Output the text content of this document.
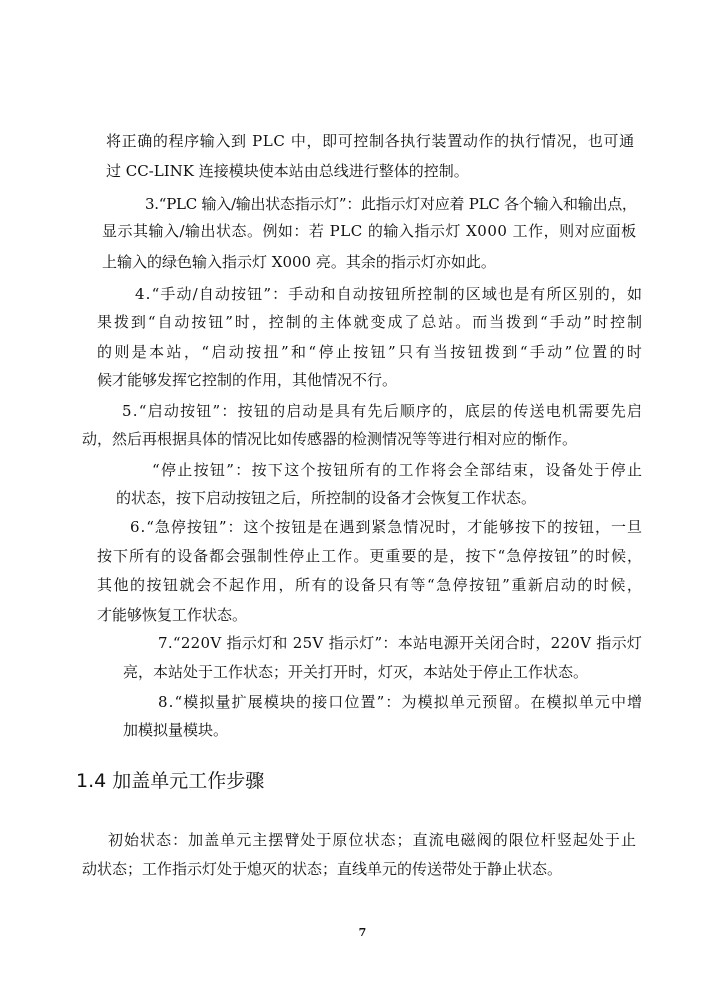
将正确的程序输入到 PLC 中，即可控制各执行装置动作的执行情况，也可通
过 CC-LINK 连接模块使本站由总线进行整体的控制。
3.“PLC 输入/输出状态指示灯”：此指示灯对应着 PLC 各个输入和输出点，
显示其输入/输出状态。例如：若 PLC 的输入指示灯 X000 工作，则对应面板
上输入的绿色输入指示灯 X000 亮。其余的指示灯亦如此。
4.“手动/自动按钮”：手动和自动按钮所控制的区域也是有所区别的，如
果拨到“自动按钮”时，控制的主体就变成了总站。而当拨到“手动”时控制
的则是本站，“启动按扭”和“停止按钮”只有当按钮拨到“手动”位置的时
候才能够发挥它控制的作用，其他情况不行。
5.“启动按钮”：按钮的启动是具有先后顺序的，底层的传送电机需要先启
动，然后再根据具体的情况比如传感器的检测情况等等进行相对应的惭作。
“停止按钮”：按下这个按钮所有的工作将会全部结束，设备处于停止
的状态，按下启动按钮之后，所控制的设备才会恢复工作状态。
6.“急停按钮”：这个按钮是在遇到紧急情况时，才能够按下的按钮，一旦
按下所有的设备都会强制性停止工作。更重要的是，按下“急停按钮”的时候，
其他的按钮就会不起作用，所有的设备只有等“急停按钮”重新启动的时候，
才能够恢复工作状态。
7.“220V 指示灯和 25V 指示灯”：本站电源开关闭合时，220V 指示灯
亮，本站处于工作状态；开关打开时，灯灭，本站处于停止工作状态。
8.“模拟量扩展模块的接口位置”：为模拟单元预留。在模拟单元中增
加模拟量模块。
1.4 加盖单元工作步骤
初始状态：加盖单元主摆臂处于原位状态；直流电磁阀的限位杆竖起处于止
动状态；工作指示灯处于熄灭的状态；直线单元的传送带处于静止状态。
7
